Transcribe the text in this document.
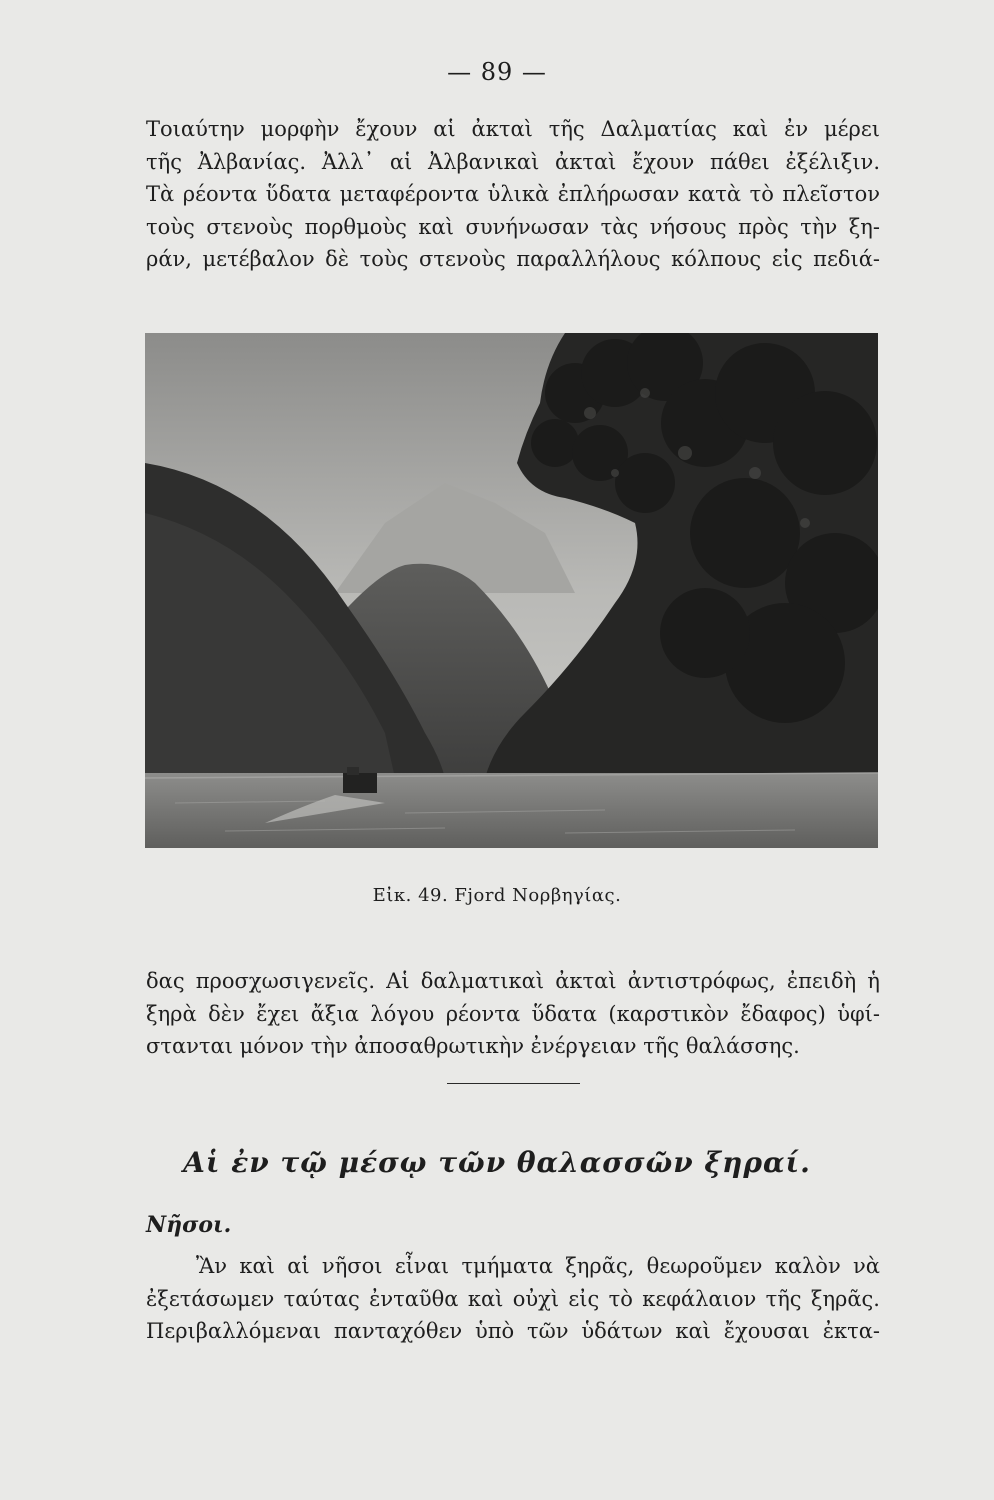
— 89 —
Τοιαύτην μορφὴν ἔχουν αἱ ἀκταὶ τῆς Δαλματίας καὶ ἐν μέρει
τῆς Ἀλβανίας. Ἀλλ᾽ αἱ Ἀλβανικαὶ ἀκταὶ ἔχουν πάθει ἐξέλιξιν.
Τὰ ρέοντα ὕδατα μεταφέροντα ὑλικὰ ἐπλήρωσαν κατὰ τὸ πλεῖστον
τοὺς στενοὺς πορθμοὺς καὶ συνήνωσαν τὰς νήσους πρὸς τὴν ξη-
ράν, μετέβαλον δὲ τοὺς στενοὺς παραλλήλους κόλπους εἰς πεδιά-
Εἰκ. 49. Fjord Νορβηγίας.
δας προσχωσιγενεῖς. Αἱ δαλματικαὶ ἀκταὶ ἀντιστρόφως, ἐπειδὴ ἡ
ξηρὰ δὲν ἔχει ἄξια λόγου ρέοντα ὕδατα (καρστικὸν ἔδαφος) ὑφί-
στανται μόνον τὴν ἀποσαθρωτικὴν ἐνέργειαν τῆς θαλάσσης.
Αἱ ἐν τῷ μέσῳ τῶν θαλασσῶν ξηραί.
Νῆσοι.
Ἂν καὶ αἱ νῆσοι εἶναι τμήματα ξηρᾶς, θεωροῦμεν καλὸν νὰ
ἐξετάσωμεν ταύτας ἐνταῦθα καὶ οὐχὶ εἰς τὸ κεφάλαιον τῆς ξηρᾶς.
Περιβαλλόμεναι πανταχόθεν ὑπὸ τῶν ὑδάτων καὶ ἔχουσαι ἐκτα-
